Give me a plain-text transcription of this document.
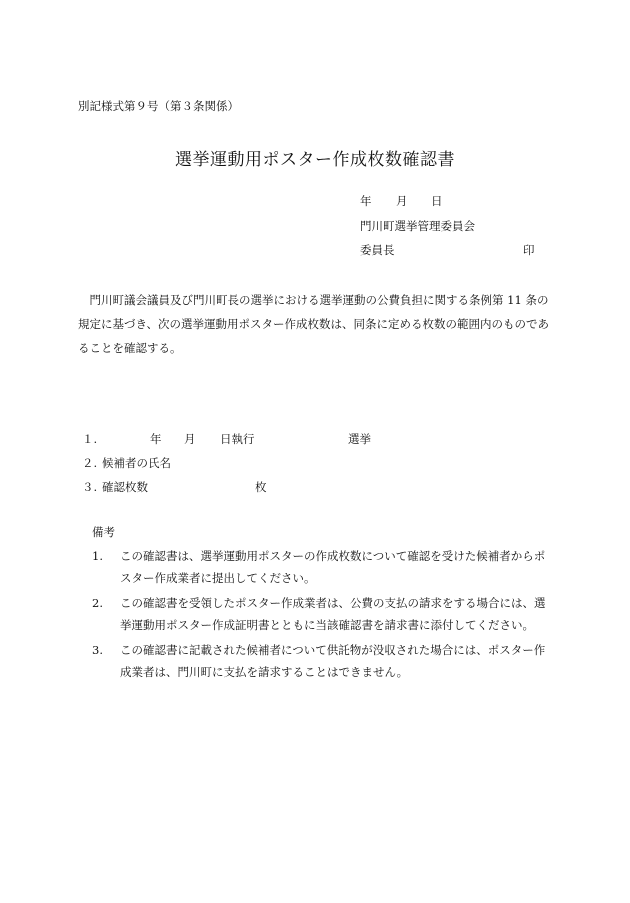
別記様式第９号（第３条関係）
選挙運動用ポスター作成枚数確認書
年 月 日
門川町選挙管理委員会
委員長	印
門川町議会議員及び門川町長の選挙における選挙運動の公費負担に関する条例第 11 条の規定に基づき、次の選挙運動用ポスター作成枚数は、同条に定める枚数の範囲内のものであることを確認する。
１.	年 月 日執行	選挙
２. 候補者の氏名
３. 確認枚数	枚
備考
1. この確認書は、選挙運動用ポスターの作成枚数について確認を受けた候補者からポスター作成業者に提出してください。
2. この確認書を受領したポスター作成業者は、公費の支払の請求をする場合には、選挙運動用ポスター作成証明書とともに当該確認書を請求書に添付してください。
3. この確認書に記載された候補者について供託物が没収された場合には、ポスター作成業者は、門川町に支払を請求することはできません。
